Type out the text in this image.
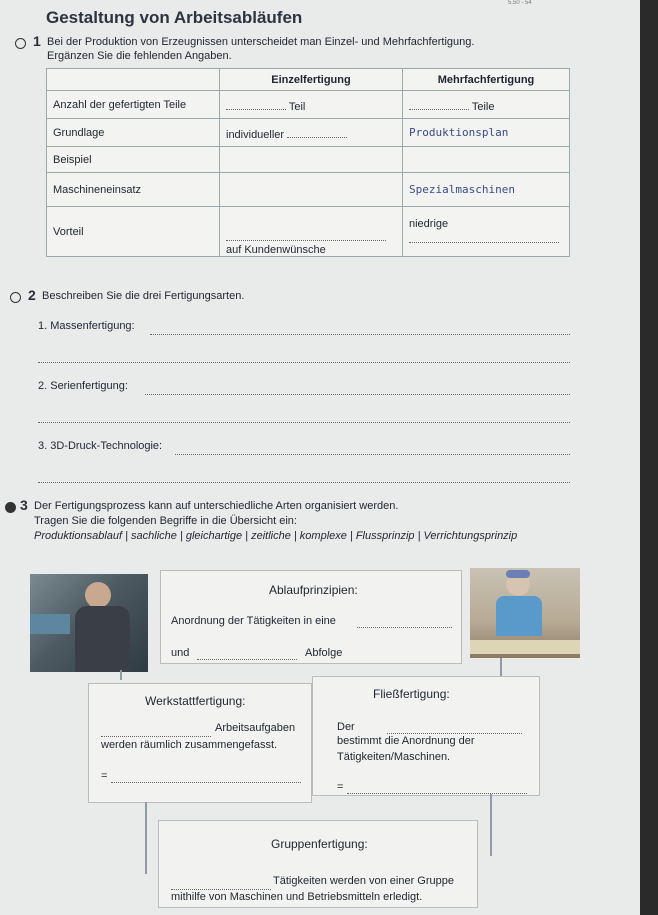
5.50 - 54
Gestaltung von Arbeitsabläufen
1 Bei der Produktion von Erzeugnissen unterscheidet man Einzel- und Mehrfachfertigung.
Ergänzen Sie die fehlenden Angaben.
	Einzelfertigung	Mehrfachfertigung
Anzahl der gefertigten Teile	Teil	Teile
Grundlage	individueller	Produktionsplan
Beispiel		
Maschineneinsatz		Spezialmaschinen
Vorteil	auf Kundenwünsche	niedrige

2 Beschreiben Sie die drei Fertigungsarten.
1. Massenfertigung:
2. Serienfertigung:
3. 3D-Druck-Technologie:
3 Der Fertigungsprozess kann auf unterschiedliche Arten organisiert werden.
Tragen Sie die folgenden Begriffe in die Übersicht ein:
Produktionsablauf | sachliche | gleichartige | zeitliche | komplexe | Flussprinzip | Verrichtungsprinzip
Ablaufprinzipien:
Anordnung der Tätigkeiten in eine
und	Abfolge
Werkstattfertigung:
Arbeitsaufgaben
werden räumlich zusammengefasst.
=
Fließfertigung:
Der
bestimmt die Anordnung der
Tätigkeiten/Maschinen.
=
Gruppenfertigung:
Tätigkeiten werden von einer Gruppe
mithilfe von Maschinen und Betriebsmitteln erledigt.
